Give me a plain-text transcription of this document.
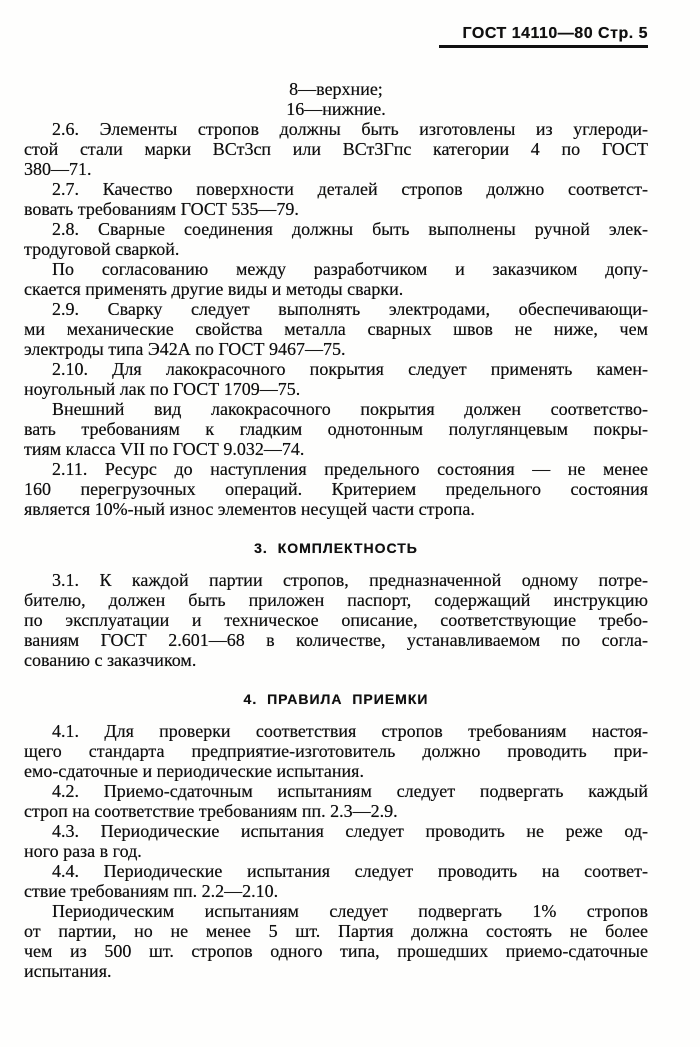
ГОСТ 14110—80 Стр. 5
8—верхние;
16—нижние.
2.6. Элементы стропов должны быть изготовлены из углероди-
стой стали марки ВСт3сп или ВСт3Гпс категории 4 по ГОСТ
380—71.
2.7. Качество поверхности деталей стропов должно соответст-
вовать требованиям ГОСТ 535—79.
2.8. Сварные соединения должны быть выполнены ручной элек-
тродуговой сваркой.
По согласованию между разработчиком и заказчиком допу-
скается применять другие виды и методы сварки.
2.9. Сварку следует выполнять электродами, обеспечивающи-
ми механические свойства металла сварных швов не ниже, чем
электроды типа Э42А по ГОСТ 9467—75.
2.10. Для лакокрасочного покрытия следует применять камен-
ноугольный лак по ГОСТ 1709—75.
Внешний вид лакокрасочного покрытия должен соответство-
вать требованиям к гладким однотонным полуглянцевым покры-
тиям класса VII по ГОСТ 9.032—74.
2.11. Ресурс до наступления предельного состояния — не менее
160 перегрузочных операций. Критерием предельного состояния
является 10%-ный износ элементов несущей части стропа.
3. КОМПЛЕКТНОСТЬ
3.1. К каждой партии стропов, предназначенной одному потре-
бителю, должен быть приложен паспорт, содержащий инструкцию
по эксплуатации и техническое описание, соответствующие требо-
ваниям ГОСТ 2.601—68 в количестве, устанавливаемом по согла-
сованию с заказчиком.
4. ПРАВИЛА ПРИЕМКИ
4.1. Для проверки соответствия стропов требованиям настоя-
щего стандарта предприятие-изготовитель должно проводить при-
емо-сдаточные и периодические испытания.
4.2. Приемо-сдаточным испытаниям следует подвергать каждый
строп на соответствие требованиям пп. 2.3—2.9.
4.3. Периодические испытания следует проводить не реже од-
ного раза в год.
4.4. Периодические испытания следует проводить на соответ-
ствие требованиям пп. 2.2—2.10.
Периодическим испытаниям следует подвергать 1% стропов
от партии, но не менее 5 шт. Партия должна состоять не более
чем из 500 шт. стропов одного типа, прошедших приемо-сдаточные
испытания.
